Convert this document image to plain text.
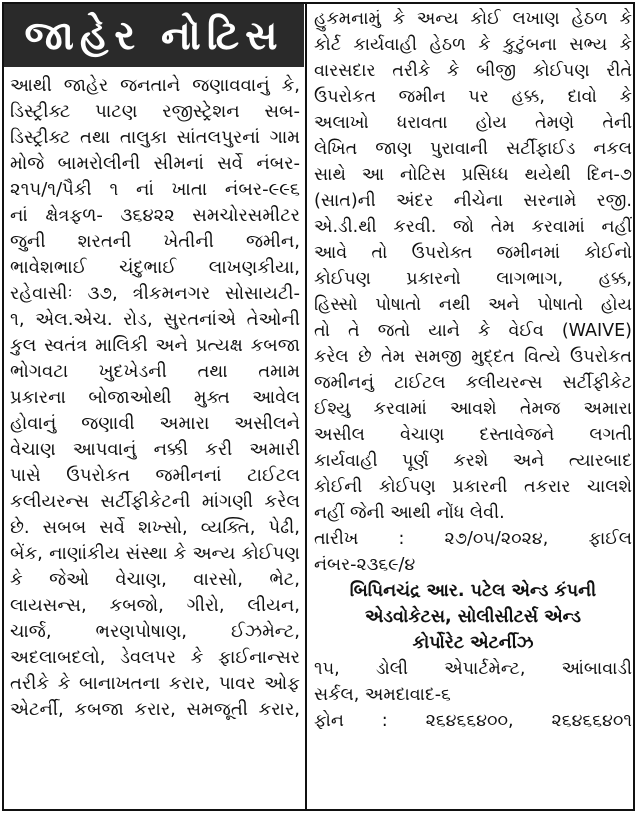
જાહેર નોટિસ
આથી જાહેર જનતાને જણાવવાનું કે,
ડિસ્ટ્રીક્ટ પાટણ રજીસ્ટ્રેશન સબ-
ડિસ્ટ્રીક્ટ તથા તાલુકા સાંતલપુરનાં ગામ
મોજે બામરોલીની સીમનાં સર્વે નંબર-
૨૧૫/૧/પૈકી ૧ નાં ખાતા નંબર-૯૯૬
નાં ક્ષેત્રફળ- ૩૬૪૨૨ સમચોરસમીટર
જુની શરતની ખેતીની જમીન,
ભાવેશભાઈ ચંદુભાઈ લાખણકીયા,
રહેવાસીઃ ૩૭, ત્રીકમનગર સોસાયટી-
૧, એલ.એચ. રોડ, સુરતનાંએ તેઓની
કુલ સ્વતંત્ર માલિકી અને પ્રત્યક્ષ કબજા
ભોગવટા ખુદખેડની તથા તમામ
પ્રકારના બોજાઓથી મુક્ત આવેલ
હોવાનું જણાવી અમારા અસીલને
વેચાણ આપવાનું નક્કી કરી અમારી
પાસે ઉપરોકત જમીનનાં ટાઈટલ
કલીયરન્સ સર્ટીફીકેટની માંગણી કરેલ
છે. સબબ સર્વે શખ્સો, વ્યક્તિ, પેઢી,
બેંક, નાણાંકીય સંસ્થા કે અન્ય કોઈપણ
કે જેઓ વેચાણ, વારસો, ભેટ,
લાયસન્સ, કબજો, ગીરો, લીયન,
ચાર્જ, ભરણપોષાણ, ઈઝમેન્ટ,
અદલાબદલો, ડેવલપર કે ફાઈનાન્સર
તરીકે કે બાનાખતના કરાર, પાવર ઓફ
એટર્ની, કબજા કરાર, સમજૂતી કરાર,
હુકમનામું કે અન્ય કોઈ લખાણ હેઠળ કે
કોર્ટ કાર્યવાહી હેઠળ કે કુટુંબના સભ્ય કે
વારસદાર તરીકે કે બીજી કોઈપણ રીતે
ઉપરોકત જમીન પર હક્ક, દાવો કે
અલાખો ધરાવતા હોય તેમણે તેની
લેખિત જાણ પુરાવાની સર્ટીફાઈડ નકલ
સાથે આ નોટિસ પ્રસિધ્ધ થયેથી દિન-૭
(સાત)ની અંદર નીચેના સરનામે રજી.
એ.ડી.થી કરવી. જો તેમ કરવામાં નહીં
આવે તો ઉપરોક્ત જમીનમાં કોઈનો
કોઈપણ પ્રકારનો લાગભાગ, હક્ક,
હિસ્સો પોષાતો નથી અને પોષાતો હોય
તો તે જતો યાને કે વેઈવ (WAIVE)
કરેલ છે તેમ સમજી મુદ્દત વિત્યે ઉપરોકત
જમીનનું ટાઈટલ કલીયરન્સ સર્ટીફીકેટ
ઈશ્યુ કરવામાં આવશે તેમજ અમારા
અસીલ વેચાણ દસ્તાવેજને લગતી
કાર્યવાહી પૂર્ણ કરશે અને ત્યારબાદ
કોઈની કોઈપણ પ્રકારની તકરાર ચાલશે
નહીં જેની આથી નોંધ લેવી.
તારીખ : ૨૭/૦૫/૨૦૨૪, ફાઈલ
નંબર-૨૩૬૯/૪
બિપિનચંદ્ર આર. પટેલ એન્ડ કંપની
એડવોકેટસ, સોલીસીટર્સ એન્ડ
કોર્પોરેટ એટર્નીઝ
૧૫, ડોલી એપાર્ટમેન્ટ, આંબાવાડી
સર્કલ, અમદાવાદ-૬
ફોન : ૨૬૪૬૬૪૦૦, ૨૬૪૬૬૪૦૧
